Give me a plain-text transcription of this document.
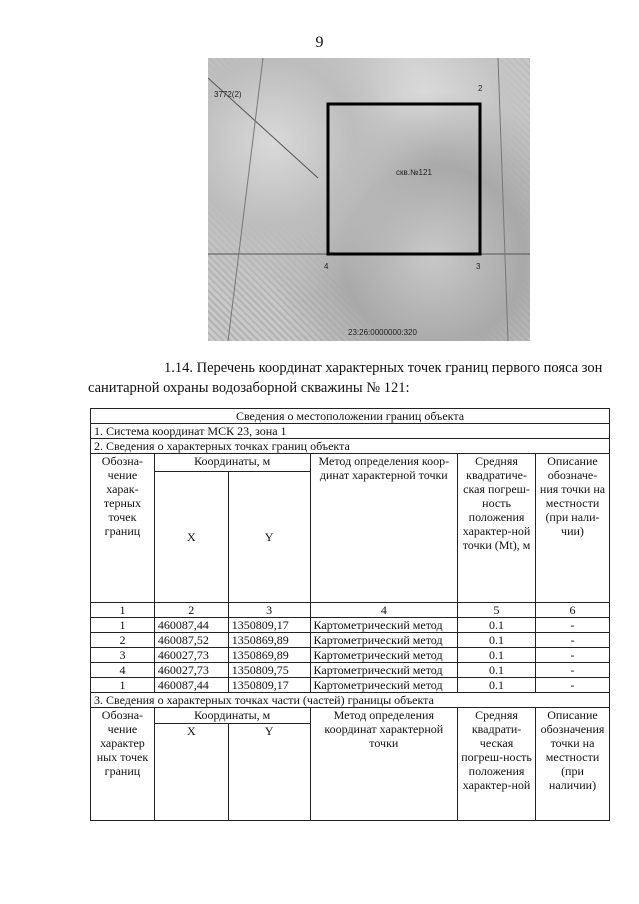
9
3772(2)
2
3
4
скв.№121
23:26:0000000:320
1.14. Перечень координат характерных точек границ первого пояса зон
санитарной охраны водозаборной скважины № 121:
Сведения о местоположении границ объекта					
1. Система координат МСК 23, зона 1					
2. Сведения о характерных точках границ объекта					
Обозна-чение харак-терных точек границ	Координаты, м		Метод определения коор-динат характерной точки	Средняя квадратиче-ская погреш-ность положения характер-ной точки (Mt), м	Описание обозначе-ния точки на местности (при нали-чии)
	X	Y			
1	2	3	4	5	6
1	460087,44	1350809,17	Картометрический метод	0.1	-
2	460087,52	1350869,89	Картометрический метод	0.1	-
3	460027,73	1350869,89	Картометрический метод	0.1	-
4	460027,73	1350809,75	Картометрический метод	0.1	-
1	460087,44	1350809,17	Картометрический метод	0.1	-
3. Сведения о характерных точках части (частей) границы объекта					
Обозна-чение характер ных точек границ	Координаты, м		Метод определения координат характерной точки	Средняя квадрати-ческая погреш-ность положения характер-ной	Описание обозначения точки на местности (при наличии)
	X	Y			
